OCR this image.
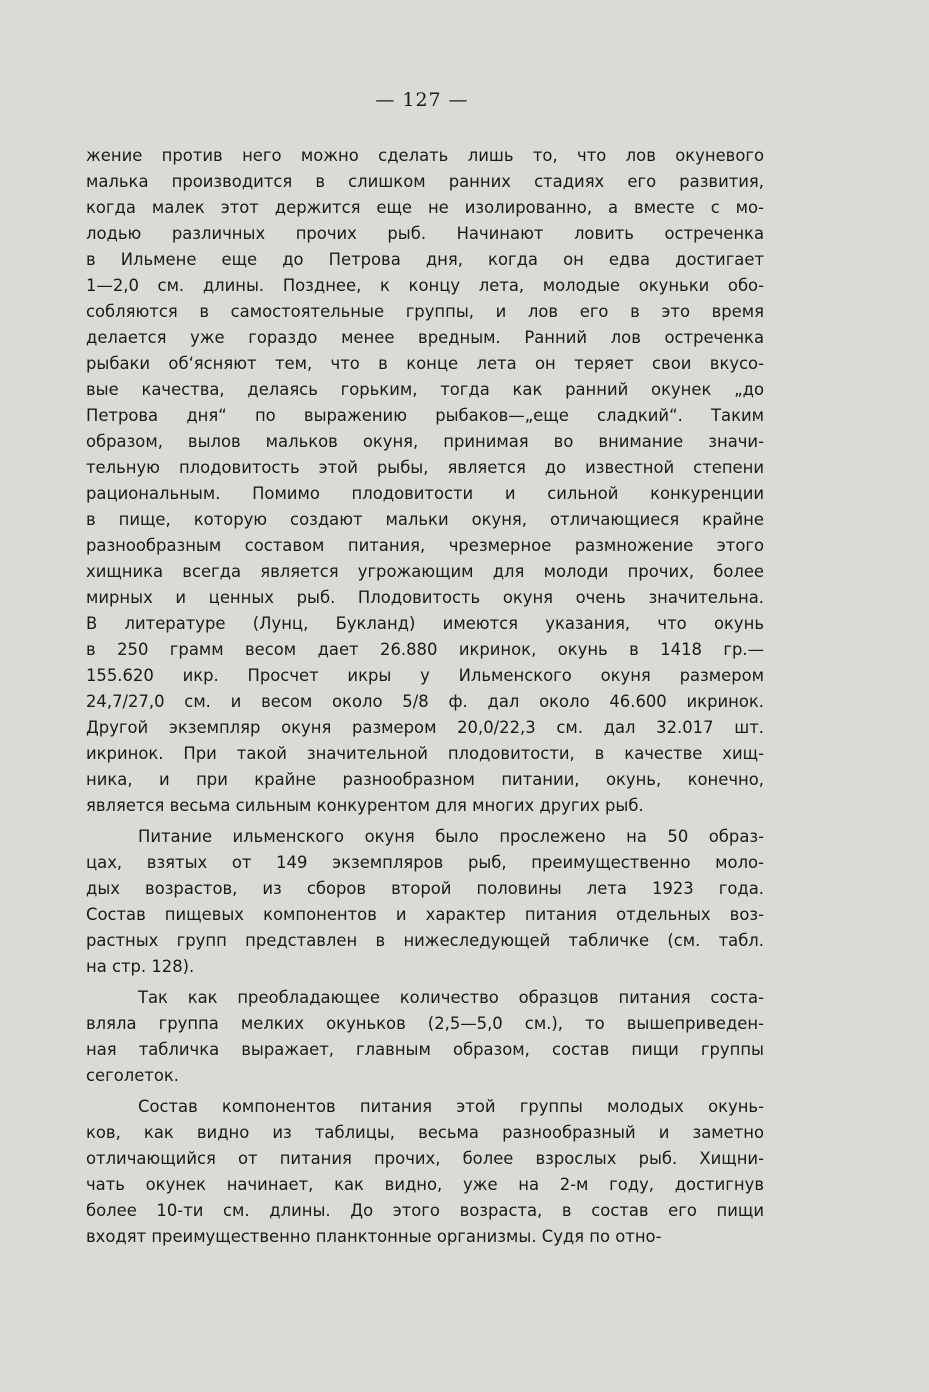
— 127 —
жение против него можно сделать лишь то, что лов окуневого
малька производится в слишком ранних стадиях его развития,
когда малек этот держится еще не изолированно, а вместе с мо-
лодью различных прочих рыб. Начинают ловить остреченка
в Ильмене еще до Петрова дня, когда он едва достигает
1—2,0 см. длины. Позднее, к концу лета, молодые окуньки обо-
собляются в самостоятельные группы, и лов его в это время
делается уже гораздо менее вредным. Ранний лов остреченка
рыбаки об‘ясняют тем, что в конце лета он теряет свои вкусо-
вые качества, делаясь горьким, тогда как ранний окунек „до
Петрова дня“ по выражению рыбаков—„еще сладкий“. Таким
образом, вылов мальков окуня, принимая во внимание значи-
тельную плодовитость этой рыбы, является до известной степени
рациональным. Помимо плодовитости и сильной конкуренции
в пище, которую создают мальки окуня, отличающиеся крайне
разнообразным составом питания, чрезмерное размножение этого
хищника всегда является угрожающим для молоди прочих, более
мирных и ценных рыб. Плодовитость окуня очень значительна.
В литературе (Лунц, Букланд) имеются указания, что окунь
в 250 грамм весом дает 26.880 икринок, окунь в 1418 гр.—
155.620 икр. Просчет икры у Ильменского окуня размером
24,7/27,0 см. и весом около 5/8 ф. дал около 46.600 икринок.
Другой экземпляр окуня размером 20,0/22,3 см. дал 32.017 шт.
икринок. При такой значительной плодовитости, в качестве хищ-
ника, и при крайне разнообразном питании, окунь, конечно,
является весьма сильным конкурентом для многих других рыб.
Питание ильменского окуня было прослежено на 50 образ-
цах, взятых от 149 экземпляров рыб, преимущественно моло-
дых возрастов, из сборов второй половины лета 1923 года.
Состав пищевых компонентов и характер питания отдельных воз-
растных групп представлен в нижеследующей табличке (см. табл.
на стр. 128).
Так как преобладающее количество образцов питания соста-
вляла группа мелких окуньков (2,5—5,0 см.), то вышеприведен-
ная табличка выражает, главным образом, состав пищи группы
сеголеток.
Состав компонентов питания этой группы молодых окунь-
ков, как видно из таблицы, весьма разнообразный и заметно
отличающийся от питания прочих, более взрослых рыб. Хищни-
чать окунек начинает, как видно, уже на 2-м году, достигнув
более 10-ти см. длины. До этого возраста, в состав его пищи
входят преимущественно планктонные организмы. Судя по отно-
